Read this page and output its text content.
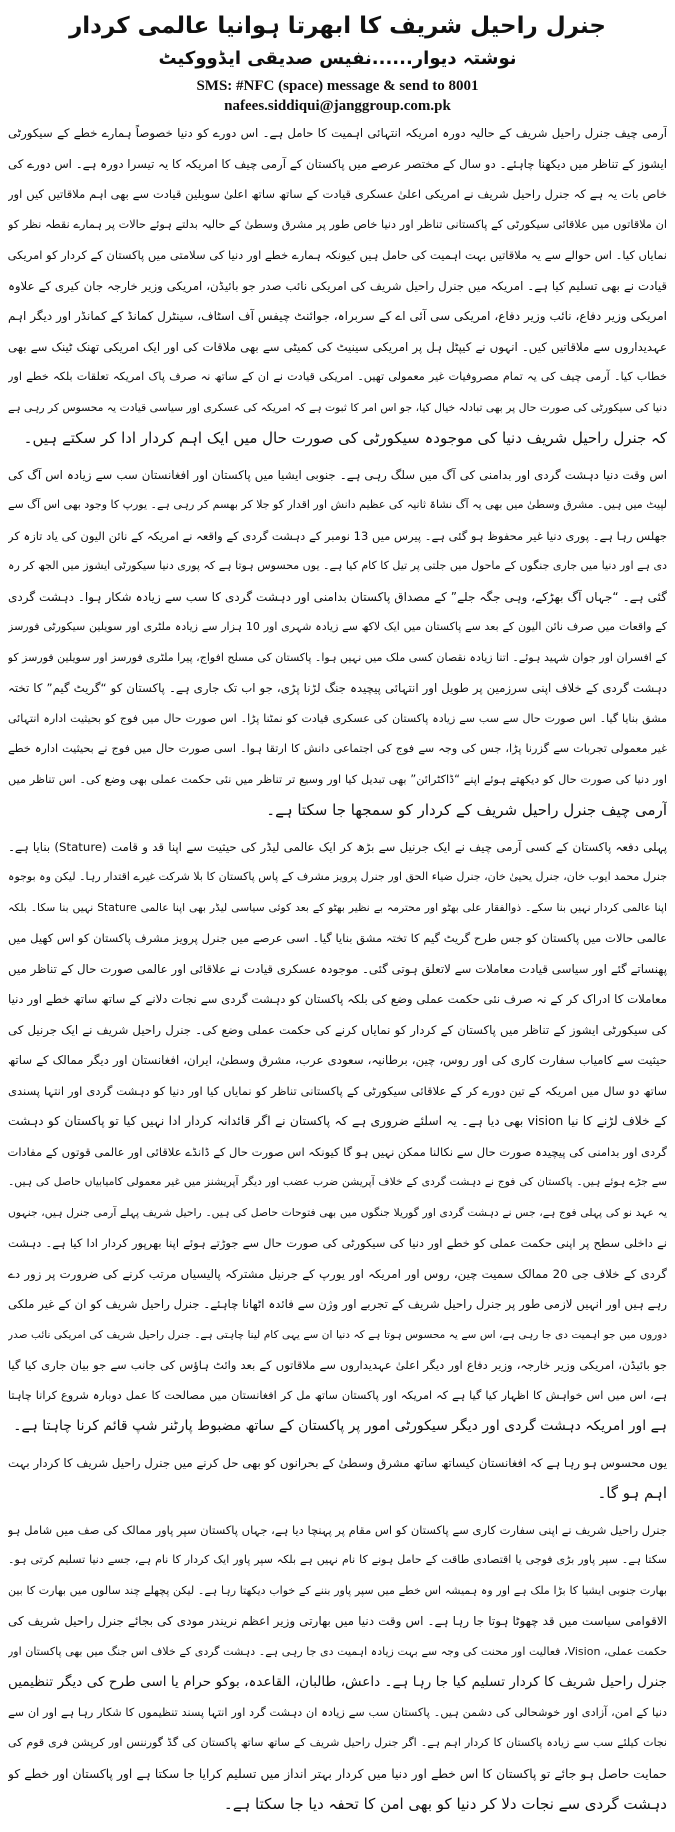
جنرل راحیل شریف کا ابھرتا ہوانیا عالمی کردار
نوشتہ دیوار......نفیس صدیقی ایڈووکیٹ
SMS: #NFC (space) message & send to 8001
nafees.siddiqui@janggroup.com.pk
آرمی چیف جنرل راحیل شریف کے حالیہ دورہ امریکہ انتہائی اہمیت کا حامل ہے۔ اس دورے کو دنیا خصوصاً ہمارے خطے کے سیکورٹی
ایشوز کے تناظر میں دیکھنا چاہئے۔ دو سال کے مختصر عرصے میں پاکستان کے آرمی چیف کا امریکہ کا یہ تیسرا دورہ ہے۔ اس دورے کی
خاص بات یہ ہے کہ جنرل راحیل شریف نے امریکی اعلیٰ عسکری قیادت کے ساتھ ساتھ اعلیٰ سویلین قیادت سے بھی اہم ملاقاتیں کیں اور
ان ملاقاتوں میں علاقائی سیکورٹی کے پاکستانی تناظر اور دنیا خاص طور پر مشرق وسطیٰ کے حالیہ بدلتے ہوئے حالات پر ہمارے نقطہ نظر کو
نمایاں کیا۔ اس حوالے سے یہ ملاقاتیں بہت اہمیت کی حامل ہیں کیونکہ ہمارے خطے اور دنیا کی سلامتی میں پاکستان کے کردار کو امریکی
قیادت نے بھی تسلیم کیا ہے۔ امریکہ میں جنرل راحیل شریف کی امریکی نائب صدر جو بائیڈن، امریکی وزیر خارجہ جان کیری کے علاوہ
امریکی وزیر دفاع، نائب وزیر دفاع، امریکی سی آئی اے کے سربراہ، جوائنٹ چیفس آف اسٹاف، سینٹرل کمانڈ کے کمانڈر اور دیگر اہم
عہدیداروں سے ملاقاتیں کیں۔ انہوں نے کیپٹل ہل پر امریکی سینیٹ کی کمیٹی سے بھی ملاقات کی اور ایک امریکی تھنک ٹینک سے بھی
خطاب کیا۔ آرمی چیف کی یہ تمام مصروفیات غیر معمولی تھیں۔ امریکی قیادت نے ان کے ساتھ نہ صرف پاک امریکہ تعلقات بلکہ خطے اور
دنیا کی سیکورٹی کی صورت حال پر بھی تبادلہ خیال کیا، جو اس امر کا ثبوت ہے کہ امریکہ کی عسکری اور سیاسی قیادت یہ محسوس کر رہی ہے
کہ جنرل راحیل شریف دنیا کی موجودہ سیکورٹی کی صورت حال میں ایک اہم کردار ادا کر سکتے ہیں۔
اس وقت دنیا دہشت گردی اور بدامنی کی آگ میں سلگ رہی ہے۔ جنوبی ایشیا میں پاکستان اور افغانستان سب سے زیادہ اس آگ کی
لپیٹ میں ہیں۔ مشرق وسطیٰ میں بھی یہ آگ نشاۃ ثانیہ کی عظیم دانش اور اقدار کو جلا کر بھسم کر رہی ہے۔ یورپ کا وجود بھی اس آگ سے
جھلس رہا ہے۔ پوری دنیا غیر محفوظ ہو گئی ہے۔ پیرس میں 13 نومبر کے دہشت گردی کے واقعہ نے امریکہ کے نائن الیون کی یاد تازہ کر
دی ہے اور دنیا میں جاری جنگوں کے ماحول میں جلتی پر تیل کا کام کیا ہے۔ یوں محسوس ہوتا ہے کہ پوری دنیا سیکورٹی ایشوز میں الجھ کر رہ
گئی ہے۔ “جہاں آگ بھڑکے، وہی جگہ جلے” کے مصداق پاکستان بدامنی اور دہشت گردی کا سب سے زیادہ شکار ہوا۔ دہشت گردی
کے واقعات میں صرف نائن الیون کے بعد سے پاکستان میں ایک لاکھ سے زیادہ شہری اور 10 ہزار سے زیادہ ملٹری اور سویلین سیکورٹی فورسز
کے افسران اور جوان شہید ہوئے۔ اتنا زیادہ نقصان کسی ملک میں نہیں ہوا۔ پاکستان کی مسلح افواج، پیرا ملٹری فورسز اور سویلین فورسز کو
دہشت گردی کے خلاف اپنی سرزمین پر طویل اور انتہائی پیچیدہ جنگ لڑنا پڑی، جو اب تک جاری ہے۔ پاکستان کو “گریٹ گیم” کا تختہ
مشق بنایا گیا۔ اس صورت حال سے سب سے زیادہ پاکستان کی عسکری قیادت کو نمٹنا پڑا۔ اس صورت حال میں فوج کو بحیثیت ادارہ انتہائی
غیر معمولی تجربات سے گزرنا پڑا، جس کی وجہ سے فوج کی اجتماعی دانش کا ارتقا ہوا۔ اسی صورت حال میں فوج نے بحیثیت ادارہ خطے
اور دنیا کی صورت حال کو دیکھتے ہوئے اپنے “ڈاکٹرائن” بھی تبدیل کیا اور وسیع تر تناظر میں نئی حکمت عملی بھی وضع کی۔ اس تناظر میں
آرمی چیف جنرل راحیل شریف کے کردار کو سمجھا جا سکتا ہے۔
پہلی دفعہ پاکستان کے کسی آرمی چیف نے ایک جرنیل سے بڑھ کر ایک عالمی لیڈر کی حیثیت سے اپنا قد و قامت (Stature) بنایا ہے۔
جنرل محمد ایوب خان، جنرل یحییٰ خان، جنرل ضیاء الحق اور جنرل پرویز مشرف کے پاس پاکستان کا بلا شرکت غیرے اقتدار رہا۔ لیکن وہ بوجوہ
اپنا عالمی کردار نہیں بنا سکے۔ ذوالفقار علی بھٹو اور محترمہ بے نظیر بھٹو کے بعد کوئی سیاسی لیڈر بھی اپنا عالمی Stature نہیں بنا سکا۔ بلکہ
عالمی حالات میں پاکستان کو جس طرح گریٹ گیم کا تختہ مشق بنایا گیا۔ اسی عرصے میں جنرل پرویز مشرف پاکستان کو اس کھیل میں
پھنساتے گئے اور سیاسی قیادت معاملات سے لاتعلق ہوتی گئی۔ موجودہ عسکری قیادت نے علاقائی اور عالمی صورت حال کے تناظر میں
معاملات کا ادراک کر کے نہ صرف نئی حکمت عملی وضع کی بلکہ پاکستان کو دہشت گردی سے نجات دلانے کے ساتھ ساتھ خطے اور دنیا
کی سیکورٹی ایشوز کے تناظر میں پاکستان کے کردار کو نمایاں کرنے کی حکمت عملی وضع کی۔ جنرل راحیل شریف نے ایک جرنیل کی
حیثیت سے کامیاب سفارت کاری کی اور روس، چین، برطانیہ، سعودی عرب، مشرق وسطیٰ، ایران، افغانستان اور دیگر ممالک کے ساتھ
ساتھ دو سال میں امریکہ کے تین دورے کر کے علاقائی سیکورٹی کے پاکستانی تناظر کو نمایاں کیا اور دنیا کو دہشت گردی اور انتہا پسندی
کے خلاف لڑنے کا نیا vision بھی دیا ہے۔ یہ اسلئے ضروری ہے کہ پاکستان نے اگر قائدانہ کردار ادا نہیں کیا تو پاکستان کو دہشت
گردی اور بدامنی کی پیچیدہ صورت حال سے نکالنا ممکن نہیں ہو گا کیونکہ اس صورت حال کے ڈانڈے علاقائی اور عالمی قوتوں کے مفادات
سے جڑے ہوئے ہیں۔ پاکستان کی فوج نے دہشت گردی کے خلاف آپریشن ضرب عضب اور دیگر آپریشنز میں غیر معمولی کامیابیاں حاصل کی ہیں۔
یہ عہد نو کی پہلی فوج ہے، جس نے دہشت گردی اور گوریلا جنگوں میں بھی فتوحات حاصل کی ہیں۔ راحیل شریف پہلے آرمی جنرل ہیں، جنہوں
نے داخلی سطح پر اپنی حکمت عملی کو خطے اور دنیا کی سیکورٹی کی صورت حال سے جوڑتے ہوئے اپنا بھرپور کردار ادا کیا ہے۔ دہشت
گردی کے خلاف جی 20 ممالک سمیت چین، روس اور امریکہ اور یورپ کے جرنیل مشترکہ پالیسیاں مرتب کرنے کی ضرورت پر زور دے
رہے ہیں اور انہیں لازمی طور پر جنرل راحیل شریف کے تجربے اور وژن سے فائدہ اٹھانا چاہئے۔ جنرل راحیل شریف کو ان کے غیر ملکی
دوروں میں جو اہمیت دی جا رہی ہے، اس سے یہ محسوس ہوتا ہے کہ دنیا ان سے یہی کام لینا چاہتی ہے۔ جنرل راحیل شریف کی امریکی نائب صدر
جو بائیڈن، امریکی وزیر خارجہ، وزیر دفاع اور دیگر اعلیٰ عہدیداروں سے ملاقاتوں کے بعد وائٹ ہاؤس کی جانب سے جو بیان جاری کیا گیا
ہے، اس میں اس خواہش کا اظہار کیا گیا ہے کہ امریکہ اور پاکستان ساتھ مل کر افغانستان میں مصالحت کا عمل دوبارہ شروع کرانا چاہتا
ہے اور امریکہ دہشت گردی اور دیگر سیکورٹی امور پر پاکستان کے ساتھ مضبوط پارٹنر شپ قائم کرنا چاہتا ہے۔
یوں محسوس ہو رہا ہے کہ افغانستان کیساتھ ساتھ مشرق وسطیٰ کے بحرانوں کو بھی حل کرنے میں جنرل راحیل شریف کا کردار بہت
اہم ہو گا۔
جنرل راحیل شریف نے اپنی سفارت کاری سے پاکستان کو اس مقام پر پہنچا دیا ہے، جہاں پاکستان سپر پاور ممالک کی صف میں شامل ہو
سکتا ہے۔ سپر پاور بڑی فوجی یا اقتصادی طاقت کے حامل ہونے کا نام نہیں ہے بلکہ سپر پاور ایک کردار کا نام ہے، جسے دنیا تسلیم کرتی ہو۔
بھارت جنوبی ایشیا کا بڑا ملک ہے اور وہ ہمیشہ اس خطے میں سپر پاور بننے کے خواب دیکھتا رہا ہے۔ لیکن پچھلے چند سالوں میں بھارت کا بین
الاقوامی سیاست میں قد چھوٹا ہوتا جا رہا ہے۔ اس وقت دنیا میں بھارتی وزیر اعظم نریندر مودی کی بجائے جنرل راحیل شریف کی
حکمت عملی، Vision، فعالیت اور محنت کی وجہ سے بہت زیادہ اہمیت دی جا رہی ہے۔ دہشت گردی کے خلاف اس جنگ میں بھی پاکستان اور
جنرل راحیل شریف کا کردار تسلیم کیا جا رہا ہے۔ داعش، طالبان، القاعدہ، بوکو حرام یا اسی طرح کی دیگر تنظیمیں
دنیا کے امن، آزادی اور خوشحالی کی دشمن ہیں۔ پاکستان سب سے زیادہ ان دہشت گرد اور انتہا پسند تنظیموں کا شکار رہا ہے اور ان سے
نجات کیلئے سب سے زیادہ پاکستان کا کردار اہم ہے۔ اگر جنرل راحیل شریف کے ساتھ ساتھ پاکستان کی گڈ گورننس اور کرپشن فری قوم کی
حمایت حاصل ہو جائے تو پاکستان کا اس خطے اور دنیا میں کردار بہتر انداز میں تسلیم کرایا جا سکتا ہے اور پاکستان اور خطے کو
دہشت گردی سے نجات دلا کر دنیا کو بھی امن کا تحفہ دیا جا سکتا ہے۔
